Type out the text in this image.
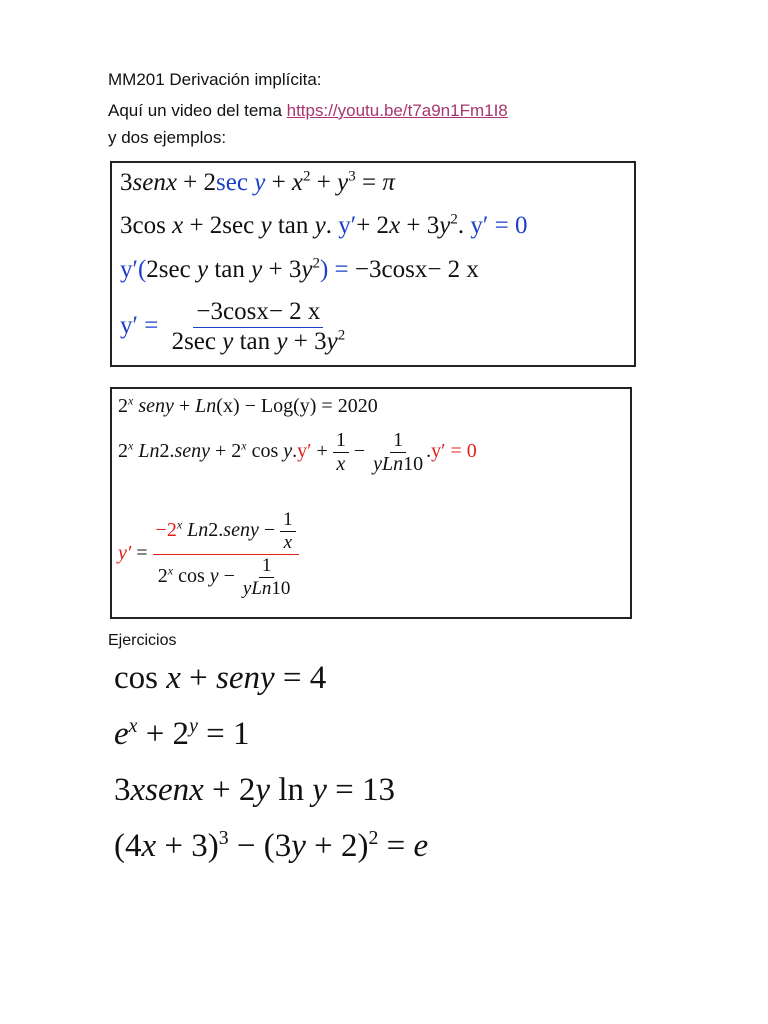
MM201 Derivación implícita:
Aquí un video del tema https://youtu.be/t7a9n1Fm1I8
y dos ejemplos:
3senx + 2sec $y + x^2 + y^3 = \pi$
3cos x + 2sec y tan y. $y'+ 2x + 3y^2$. y′ = 0
y′(2sec y $\tan y + 3y^2) = -3\cos x- 2$ x
$y' = \frac{-3\cos x- 2 x}{2\sec y \tan y + 3y^2}$
2$^x$ seny + Ln(x) − Log(y) = 2020
2$^x$ Ln2.seny + $2^x$ $\cos y.y' + \frac{1}{x} - \frac{1}{\text{yLn10}} .y' = 0$
$y' = \frac{-2^x Ln2.seny - \frac{1}{x}}{2^x \cos y - \frac{1}{\text{yLn10}}}$
Ejercicios
cos x + seny = 4
$e^x + 2^y = 1$
3xsenx + 2y ln y = 13
$(4x + 3)^3 - (3y + 2)^2 = e$
